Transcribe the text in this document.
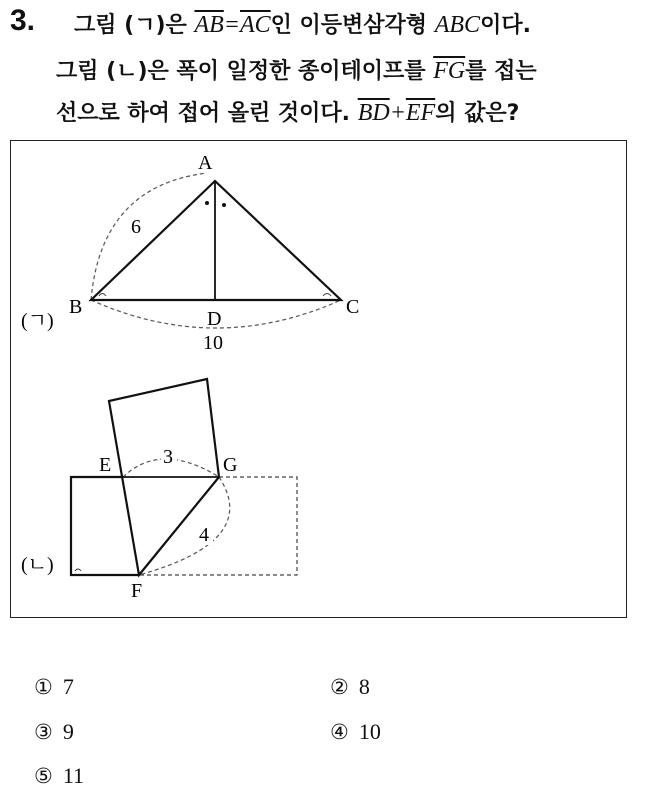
3. 그림 (ㄱ)은 $\overline{AB}=\overline{AC}$인 이등변삼각형 ABC이다.
그림 (ㄴ)은 폭이 일정한 종이테이프를 $\overline{FG}$를 접는
선으로 하여 접어 올린 것이다. $\overline{BD}+\overline{EF}$의 값은?
A
B	C
D
6
10
(ㄱ)
E	G
F
3
4
(ㄴ)
① 7	② 8
③ 9	④ 10
⑤ 11
